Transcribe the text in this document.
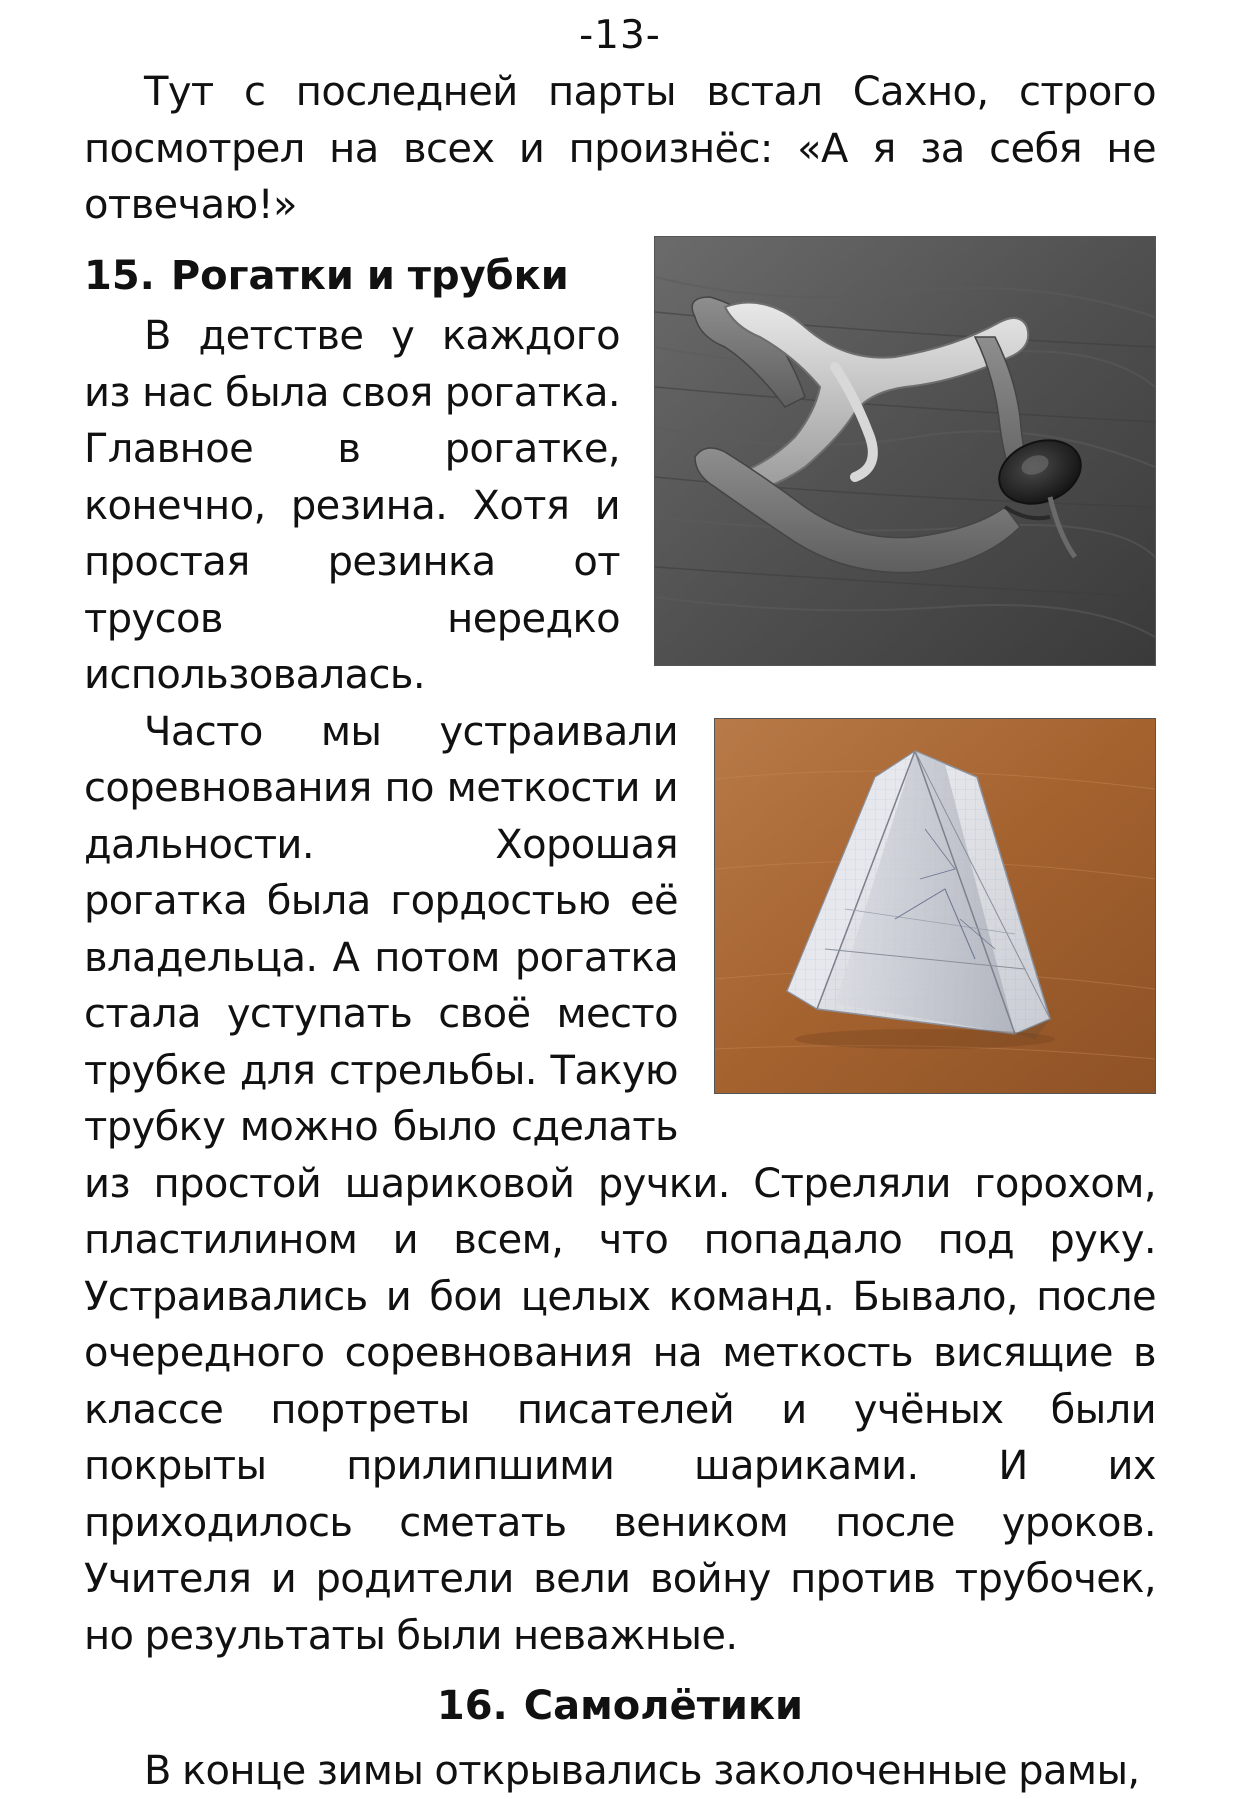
-13-

Тут с последней парты встал Сахно, строго посмотрел на всех и произнёс: «А я за себя не отвечаю!»

15. Рогатки и трубки

В детстве у каждого из нас была своя рогатка. Главное в рогатке, конечно, резина. Хотя и простая резинка от трусов нередко использовалась.

Часто мы устраивали соревнования по меткости и дальности. Хорошая рогатка была гордостью её владельца. А потом рогатка стала уступать своё место трубке для стрельбы. Такую трубку можно было сделать из простой шариковой ручки. Стреляли горохом, пластилином и всем, что попадало под руку. Устраивались и бои целых команд. Бывало, после очередного соревнования на меткость висящие в классе портреты писателей и учёных были покрыты прилипшими шариками. И их приходилось сметать веником после уроков. Учителя и родители вели войну против трубочек, но результаты были неважные.

16. Самолётики

В конце зимы открывались заколоченные рамы,
